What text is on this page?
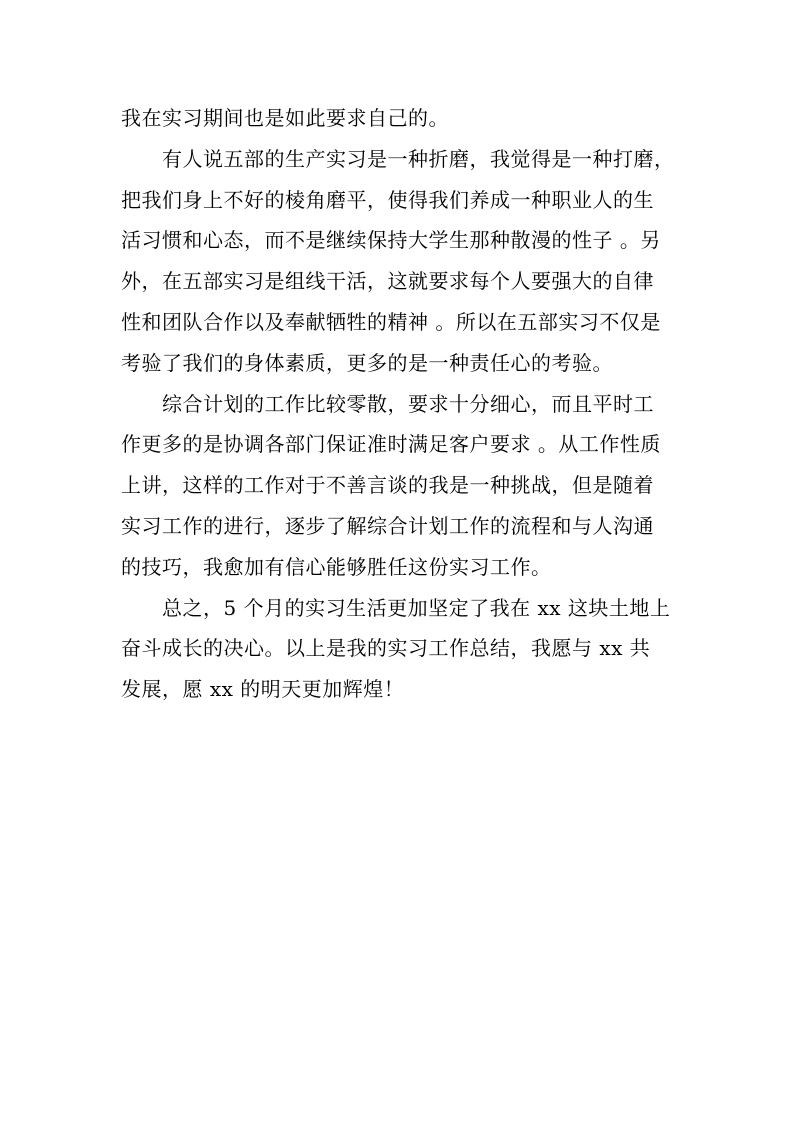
我在实习期间也是如此要求自己的。
有人说五部的生产实习是一种折磨，我觉得是一种打磨，
把我们身上不好的棱角磨平，使得我们养成一种职业人的生
活习惯和心态，而不是继续保持大学生那种散漫的性子 。另
外，在五部实习是组线干活，这就要求每个人要强大的自律
性和团队合作以及奉献牺牲的精神 。所以在五部实习不仅是
考验了我们的身体素质，更多的是一种责任心的考验。
综合计划的工作比较零散，要求十分细心，而且平时工
作更多的是协调各部门保证准时满足客户要求 。从工作性质
上讲，这样的工作对于不善言谈的我是一种挑战，但是随着
实习工作的进行，逐步了解综合计划工作的流程和与人沟通
的技巧，我愈加有信心能够胜任这份实习工作。
总之，5 个月的实习生活更加坚定了我在 xx 这块土地上
奋斗成长的决心。以上是我的实习工作总结，我愿与 xx 共
发展，愿 xx 的明天更加辉煌！
